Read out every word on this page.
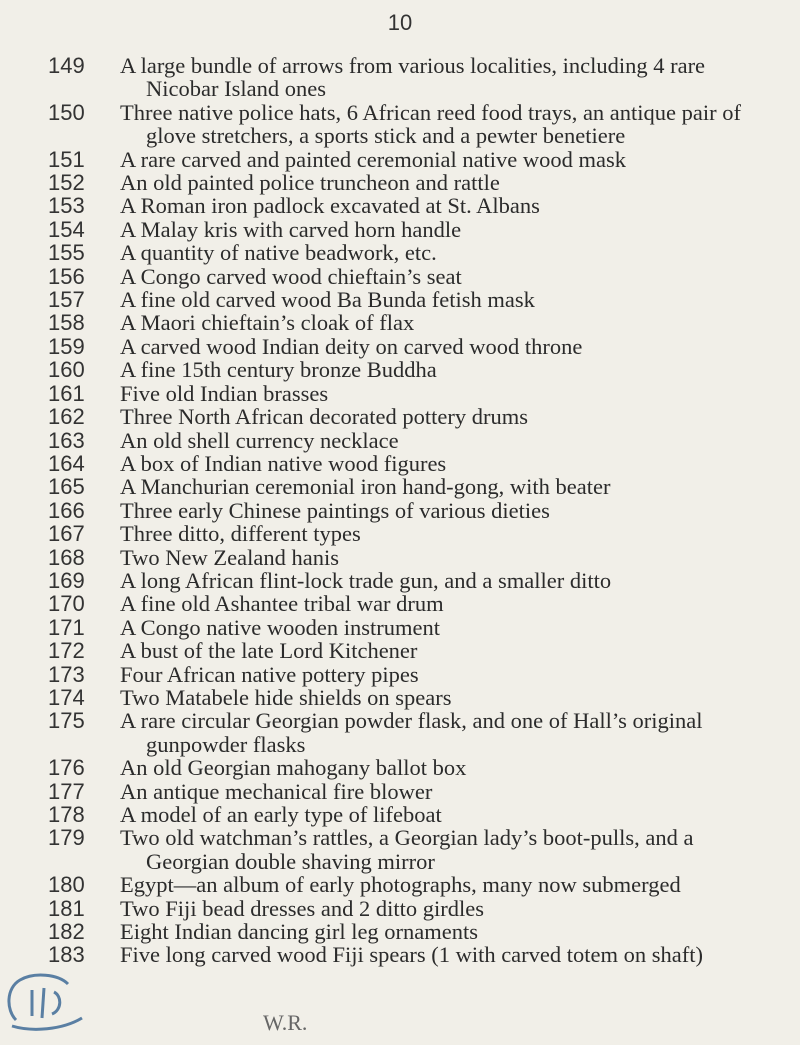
10
149	A large bundle of arrows from various localities, including 4 rare Nicobar Island ones
150	Three native police hats, 6 African reed food trays, an antique pair of glove stretchers, a sports stick and a pewter benetiere
151	A rare carved and painted ceremonial native wood mask
152	An old painted police truncheon and rattle
153	A Roman iron padlock excavated at St. Albans
154	A Malay kris with carved horn handle
155	A quantity of native beadwork, etc.
156	A Congo carved wood chieftain’s seat
157	A fine old carved wood Ba Bunda fetish mask
158	A Maori chieftain’s cloak of flax
159	A carved wood Indian deity on carved wood throne
160	A fine 15th century bronze Buddha
161	Five old Indian brasses
162	Three North African decorated pottery drums
163	An old shell currency necklace
164	A box of Indian native wood figures
165	A Manchurian ceremonial iron hand-gong, with beater
166	Three early Chinese paintings of various dieties
167	Three ditto, different types
168	Two New Zealand hanis
169	A long African flint-lock trade gun, and a smaller ditto
170	A fine old Ashantee tribal war drum
171	A Congo native wooden instrument
172	A bust of the late Lord Kitchener
173	Four African native pottery pipes
174	Two Matabele hide shields on spears
175	A rare circular Georgian powder flask, and one of Hall’s original gunpowder flasks
176	An old Georgian mahogany ballot box
177	An antique mechanical fire blower
178	A model of an early type of lifeboat
179	Two old watchman’s rattles, a Georgian lady’s boot-pulls, and a Georgian double shaving mirror
180	Egypt—an album of early photographs, many now submerged
181	Two Fiji bead dresses and 2 ditto girdles
182	Eight Indian dancing girl leg ornaments
183	Five long carved wood Fiji spears (1 with carved totem on shaft)
W.R.
